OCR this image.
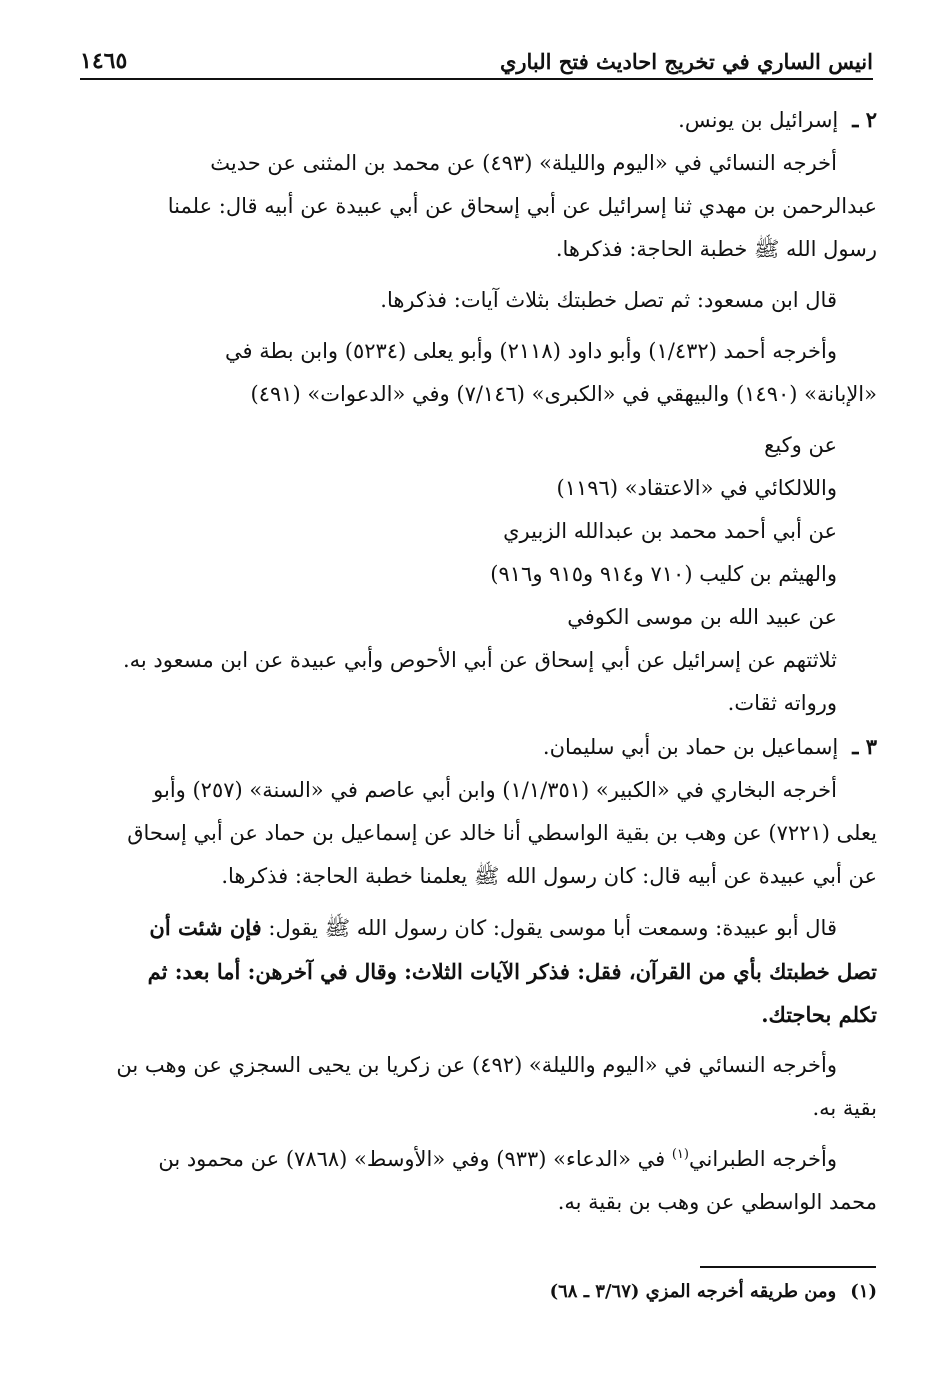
١٤٦٥	انيس الساري في تخريج احاديث فتح الباري
٢ ـإسرائيل بن يونس.
أخرجه النسائي في «اليوم والليلة» (٤٩٣) عن محمد بن المثنى عن حديث
عبدالرحمن بن مهدي ثنا إسرائيل عن أبي إسحاق عن أبي عبيدة عن أبيه قال: علمنا
رسول الله ﷺ خطبة الحاجة: فذكرها.
قال ابن مسعود: ثم تصل خطبتك بثلاث آيات: فذكرها.
وأخرجه أحمد (١/٤٣٢) وأبو داود (٢١١٨) وأبو يعلى (٥٢٣٤) وابن بطة في
«الإبانة» (١٤٩٠) والبيهقي في «الكبرى» (٧/١٤٦) وفي «الدعوات» (٤٩١)
عن وكيع
واللالكائي في «الاعتقاد» (١١٩٦)
عن أبي أحمد محمد بن عبدالله الزبيري
والهيثم بن كليب (٧١٠ و٩١٤ و٩١٥ و٩١٦)
عن عبيد الله بن موسى الكوفي
ثلاثتهم عن إسرائيل عن أبي إسحاق عن أبي الأحوص وأبي عبيدة عن ابن مسعود به.
ورواته ثقات.
٣ ـإسماعيل بن حماد بن أبي سليمان.
أخرجه البخاري في «الكبير» (١/١/٣٥١) وابن أبي عاصم في «السنة» (٢٥٧) وأبو
يعلى (٧٢٢١) عن وهب بن بقية الواسطي أنا خالد عن إسماعيل بن حماد عن أبي إسحاق
عن أبي عبيدة عن أبيه قال: كان رسول الله ﷺ يعلمنا خطبة الحاجة: فذكرها.
قال أبو عبيدة: وسمعت أبا موسى يقول: كان رسول الله ﷺ يقول: فإن شئت أن
تصل خطبتك بأي من القرآن، فقل: فذكر الآيات الثلاث: وقال في آخرهن: أما بعد: ثم
تكلم بحاجتك.
وأخرجه النسائي في «اليوم والليلة» (٤٩٢) عن زكريا بن يحيى السجزي عن وهب بن
بقية به.
وأخرجه الطبراني$^{(١)}$ في «الدعاء» (٩٣٣) وفي «الأوسط» (٧٨٦٨) عن محمود بن
محمد الواسطي عن وهب بن بقية به.
(١)ومن طريقه أخرجه المزي (٣/٦٧ ـ ٦٨)
